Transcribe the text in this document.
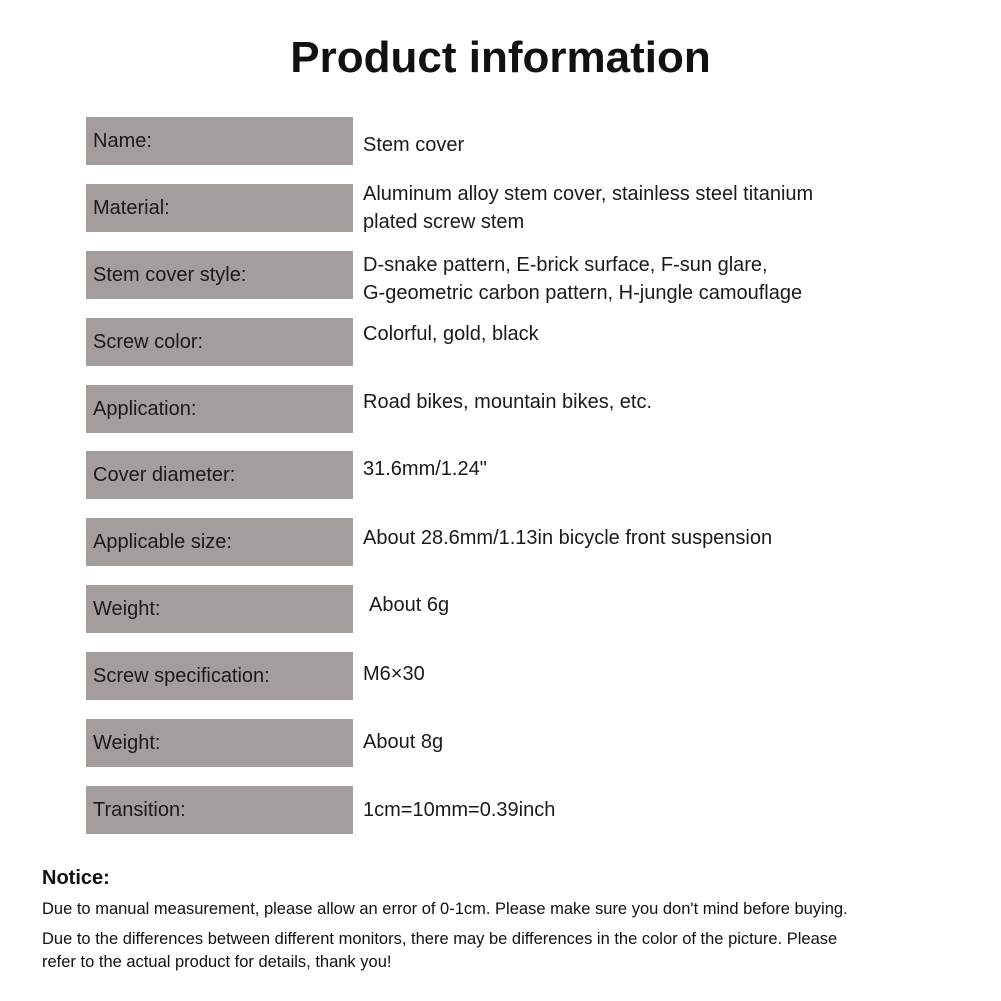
Product information
Name:	Stem cover
Material:
Aluminum alloy stem cover, stainless steel titanium
plated screw stem
Stem cover style:	D-snake pattern, E-brick surface, F-sun glare,
G-geometric carbon pattern, H-jungle camouflage
Screw color:	Colorful, gold, black
Application:	Road bikes, mountain bikes, etc.
Cover diameter:	31.6mm/1.24"
Applicable size:	About 28.6mm/1.13in bicycle front suspension
Weight:	About 6g
Screw specification:	M6×30
Weight:	About 8g
Transition:	1cm=10mm=0.39inch
Notice:
Due to manual measurement, please allow an error of 0-1cm. Please make sure you don't mind before buying.
Due to the differences between different monitors, there may be differences in the color of the picture. Please
refer to the actual product for details, thank you!
